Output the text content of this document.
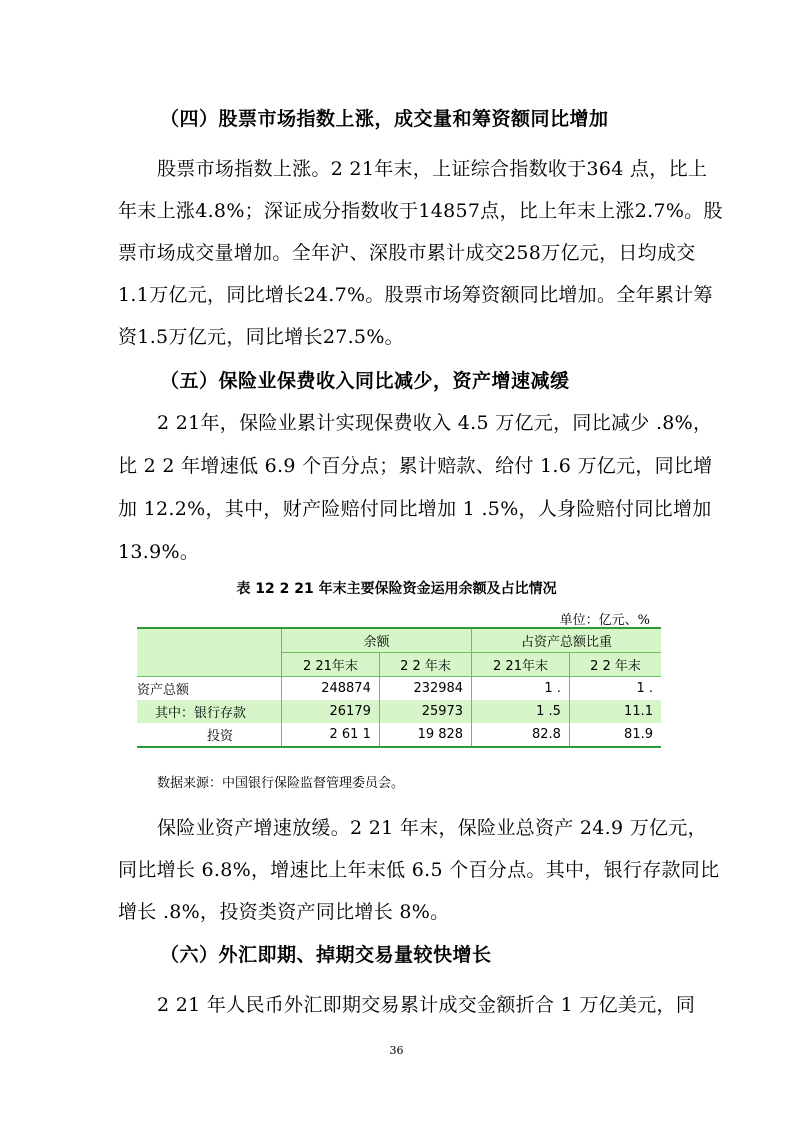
（四）股票市场指数上涨，成交量和筹资额同比增加
股票市场指数上涨。2 21年末，上证综合指数收于364 点，比上
年末上涨4.8%；深证成分指数收于14857点，比上年末上涨2.7%。股
票市场成交量增加。全年沪、深股市累计成交258万亿元，日均成交
1.1万亿元，同比增长24.7%。股票市场筹资额同比增加。全年累计筹
资1.5万亿元，同比增长27.5%。
（五）保险业保费收入同比减少，资产增速减缓
2 21年，保险业累计实现保费收入 4.5 万亿元，同比减少 .8%，
比 2 2 年增速低 6.9 个百分点；累计赔款、给付 1.6 万亿元，同比增
加 12.2%，其中，财产险赔付同比增加 1 .5%，人身险赔付同比增加
13.9%。
表 12 2 21 年末主要保险资金运用余额及占比情况
单位：亿元、%
	余额		占资产总额比重	
	2 21年末	2 2 年末	2 21年末	2 2 年末
资产总额	248874	232984	1 .	1 .
其中：银行存款	26179	25973	1 .5	11.1
投资	2 61 1	19 828	82.8	81.9
数据来源：中国银行保险监督管理委员会。
保险业资产增速放缓。2 21 年末，保险业总资产 24.9 万亿元，
同比增长 6.8%，增速比上年末低 6.5 个百分点。其中，银行存款同比
增长 .8%，投资类资产同比增长 8%。
（六）外汇即期、掉期交易量较快增长
2 21 年人民币外汇即期交易累计成交金额折合 1 万亿美元，同
36
